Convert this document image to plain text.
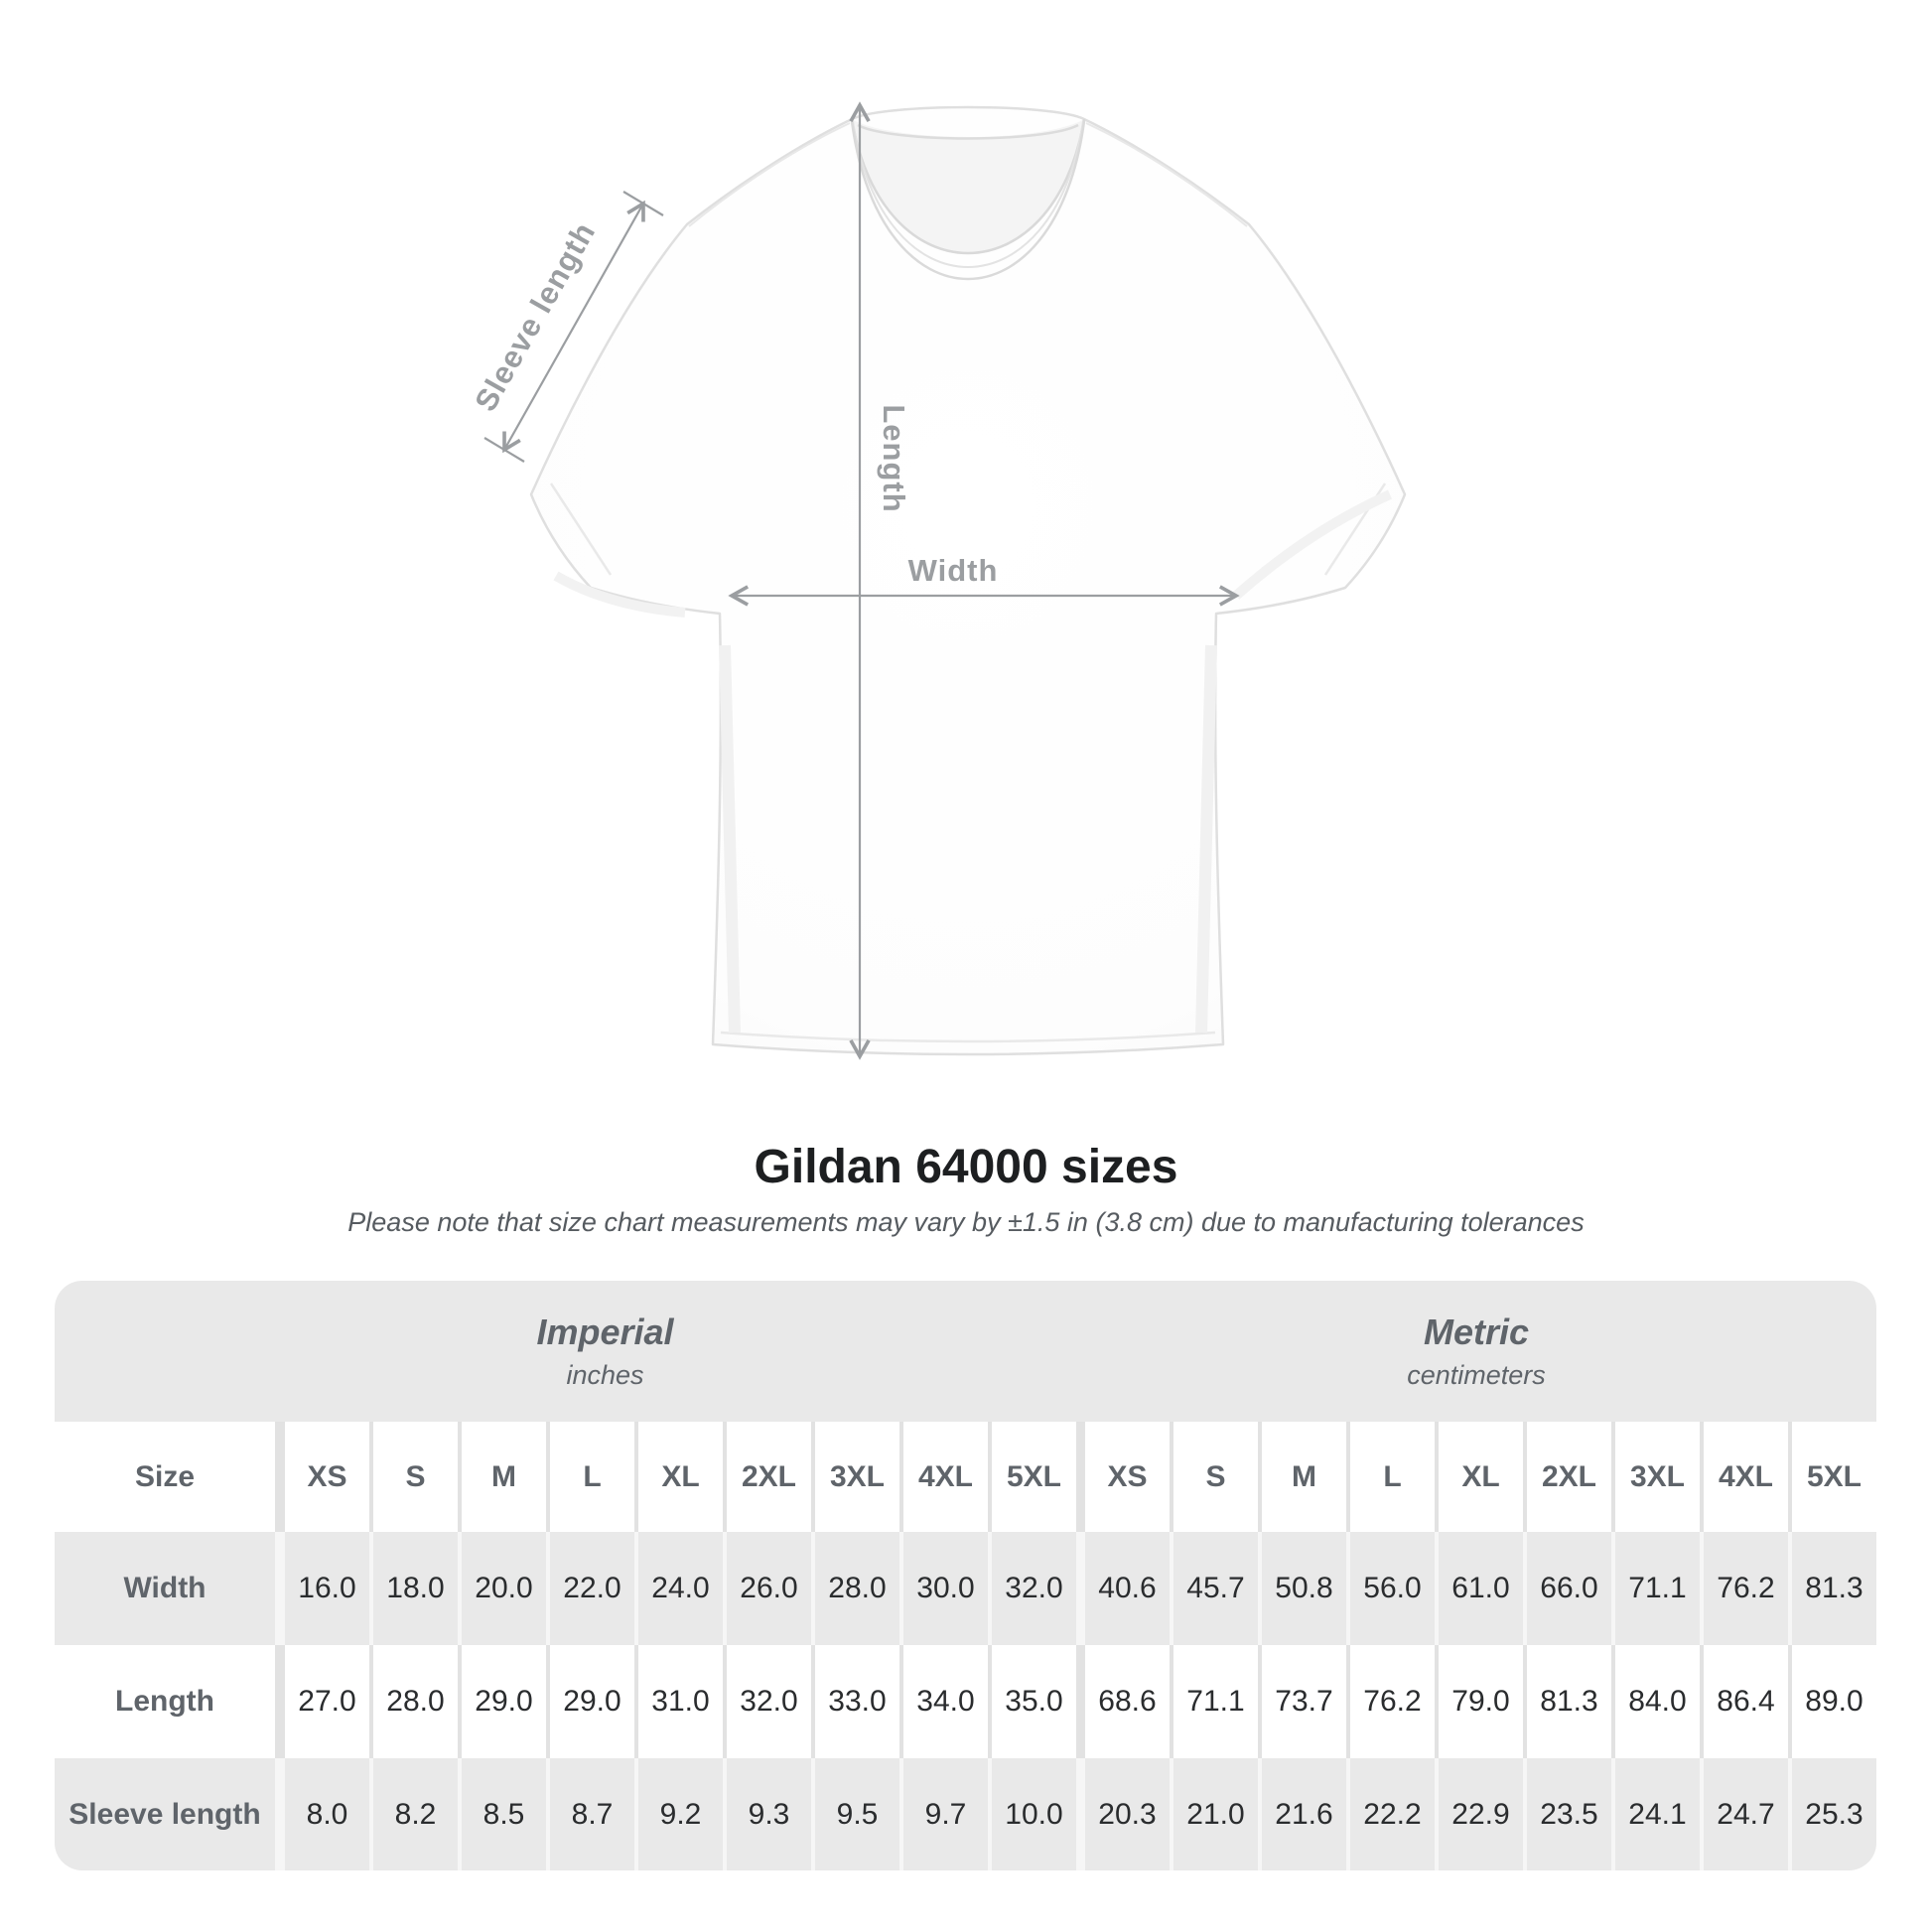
Sleeve length
Length
Width
Gildan 64000 sizes

Please note that size chart measurements may vary by ±1.5 in (3.8 cm) due to manufacturing tolerances

Imperial
inches
Metric
centimeters
Size	XS	S	M	L	XL	2XL	3XL	4XL	5XL	XS	S	M	L	XL	2XL	3XL	4XL	5XL
Width	16.0	18.0	20.0	22.0	24.0	26.0	28.0	30.0	32.0	40.6	45.7	50.8	56.0	61.0	66.0	71.1	76.2	81.3
Length	27.0	28.0	29.0	29.0	31.0	32.0	33.0	34.0	35.0	68.6	71.1	73.7	76.2	79.0	81.3	84.0	86.4	89.0
Sleeve length	8.0	8.2	8.5	8.7	9.2	9.3	9.5	9.7	10.0	20.3	21.0	21.6	22.2	22.9	23.5	24.1	24.7	25.3
